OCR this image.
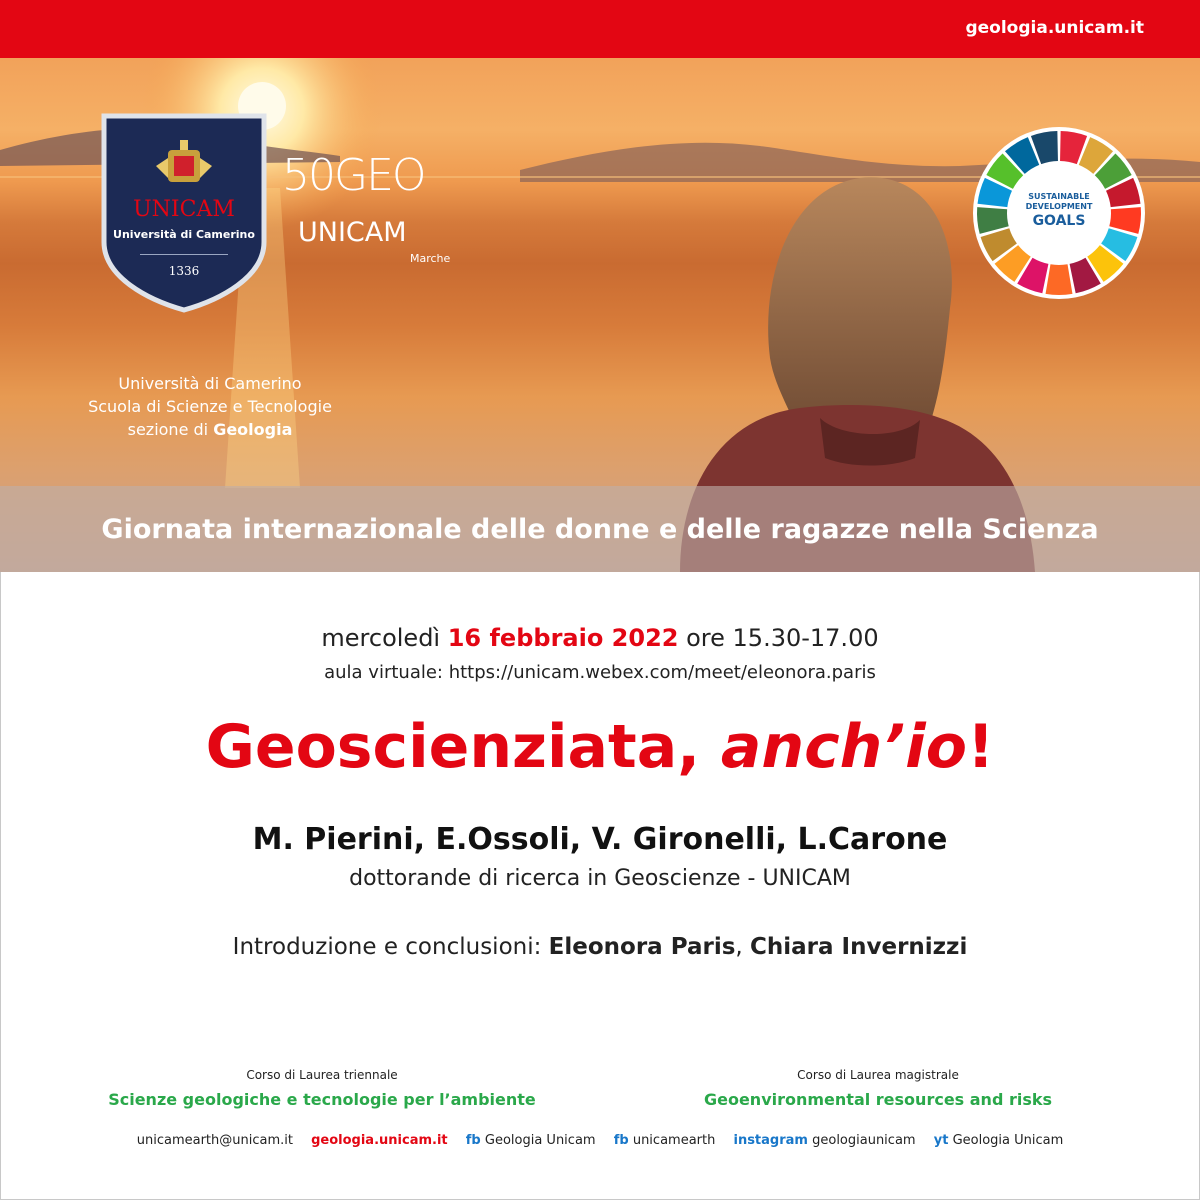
geologia.unicam.it
UNICAM
Università di Camerino
1336
50GEO
UNICAM
Marche
Università di Camerino
Scuola di Scienze e Tecnologie
sezione di Geologia
SUSTAINABLE DEVELOPMENT
GOALS
Giornata internazionale delle donne e delle ragazze nella Scienza
mercoledì 16 febbraio 2022 ore 15.30-17.00
aula virtuale: https://unicam.webex.com/meet/eleonora.paris
Geoscienziata, anch’io!
M. Pierini, E.Ossoli, V. Gironelli, L.Carone
dottorande di ricerca in Geoscienze - UNICAM
Introduzione e conclusioni: Eleonora Paris, Chiara Invernizzi
Corso di Laurea triennale
Scienze geologiche e tecnologie per l’ambiente
Corso di Laurea magistrale
Geoenvironmental resources and risks
unicamearth@unicam.it geologia.unicam.it fb Geologia Unicam fb unicamearth instagram geologiaunicam yt Geologia Unicam
